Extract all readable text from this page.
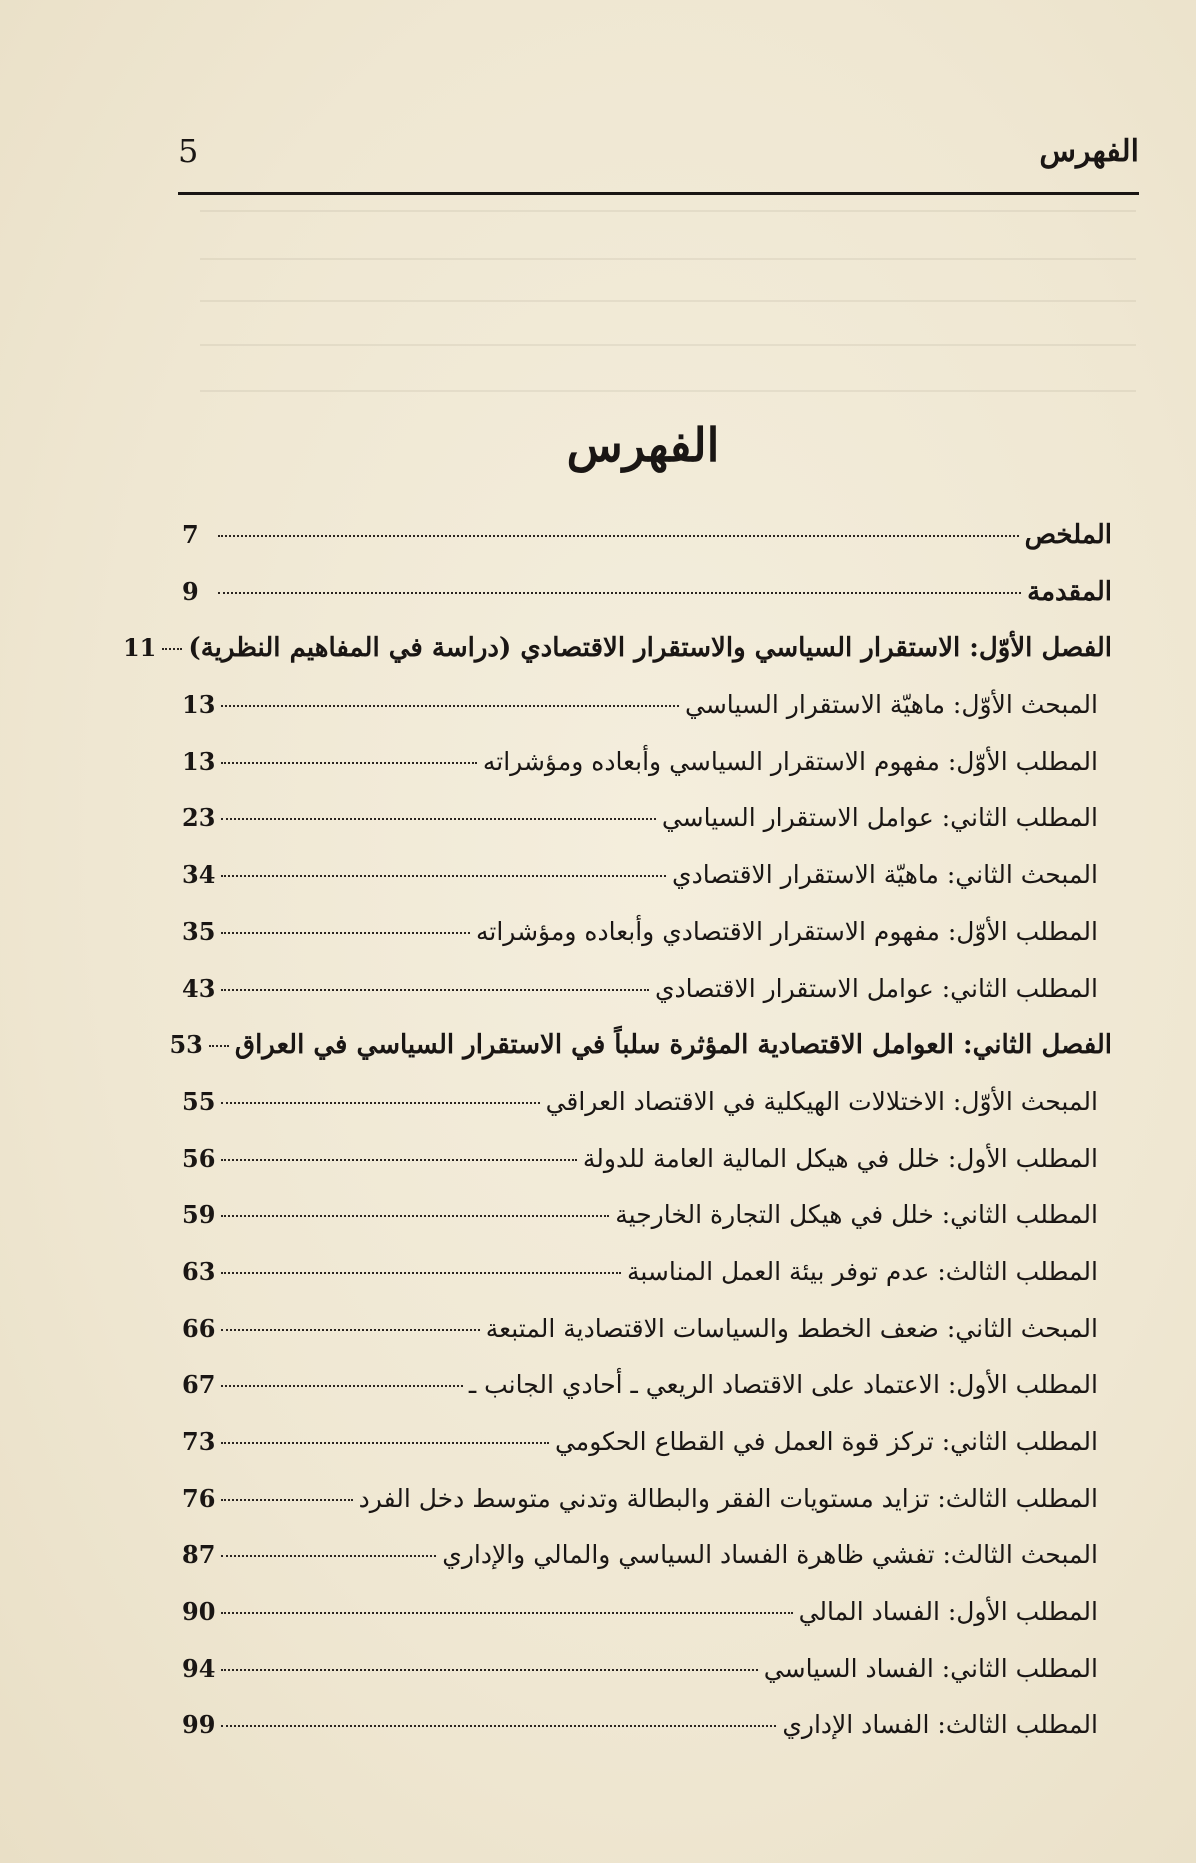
الفهرس
5
الفهرس
الملخص
7
المقدمة
9
الفصل الأوّل: الاستقرار السياسي والاستقرار الاقتصادي (دراسة في المفاهيم النظرية)
11
المبحث الأوّل: ماهيّة الاستقرار السياسي
13
المطلب الأوّل: مفهوم الاستقرار السياسي وأبعاده ومؤشراته
13
المطلب الثاني: عوامل الاستقرار السياسي
23
المبحث الثاني: ماهيّة الاستقرار الاقتصادي
34
المطلب الأوّل: مفهوم الاستقرار الاقتصادي وأبعاده ومؤشراته
35
المطلب الثاني: عوامل الاستقرار الاقتصادي
43
الفصل الثاني: العوامل الاقتصادية المؤثرة سلباً في الاستقرار السياسي في العراق
53
المبحث الأوّل: الاختلالات الهيكلية في الاقتصاد العراقي
55
المطلب الأول: خلل في هيكل المالية العامة للدولة
56
المطلب الثاني: خلل في هيكل التجارة الخارجية
59
المطلب الثالث: عدم توفر بيئة العمل المناسبة
63
المبحث الثاني: ضعف الخطط والسياسات الاقتصادية المتبعة
66
المطلب الأول: الاعتماد على الاقتصاد الريعي ـ أحادي الجانب ـ
67
المطلب الثاني: تركز قوة العمل في القطاع الحكومي
73
المطلب الثالث: تزايد مستويات الفقر والبطالة وتدني متوسط دخل الفرد
76
المبحث الثالث: تفشي ظاهرة الفساد السياسي والمالي والإداري
87
المطلب الأول: الفساد المالي
90
المطلب الثاني: الفساد السياسي
94
المطلب الثالث: الفساد الإداري
99
